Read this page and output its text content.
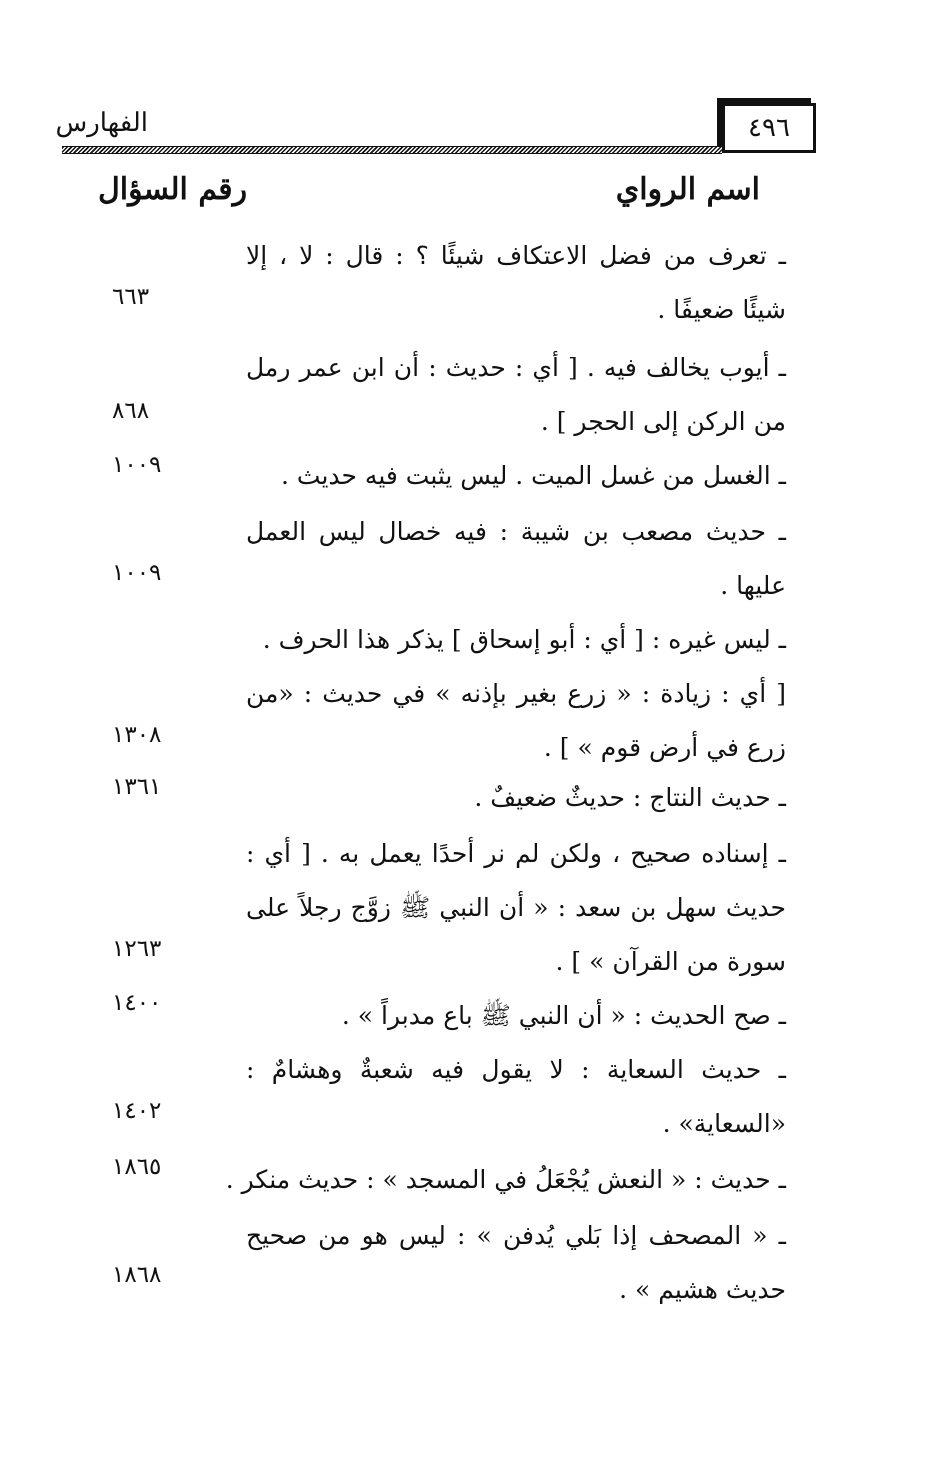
٤٩٦
الفهارس
اسم الرواي
رقم السؤال
ـ تعرف من فضل الاعتكاف شيئًا ؟ : قال : لا ، إلا
شيئًا ضعيفًا .
٦٦٣
ـ أيوب يخالف فيه . [ أي : حديث : أن ابن عمر رمل
من الركن إلى الحجر ] .
٨٦٨
ـ الغسل من غسل الميت . ليس يثبت فيه حديث .
١٠٠٩
ـ حديث مصعب بن شيبة : فيه خصال ليس العمل
عليها .
١٠٠٩
ـ ليس غيره : [ أي : أبو إسحاق ] يذكر هذا الحرف .
[ أي : زيادة : « زرع بغير بإذنه » في حديث : «من
زرع في أرض قوم » ] .
١٣٠٨
ـ حديث النتاج : حديثٌ ضعيفٌ .
١٣٦١
ـ إسناده صحيح ، ولكن لم نر أحدًا يعمل به . [ أي :
حديث سهل بن سعد : « أن النبي ﷺ زوَّج رجلاً على
سورة من القرآن » ] .
١٢٦٣
ـ صح الحديث : « أن النبي ﷺ باع مدبراً » .
١٤٠٠
ـ حديث السعاية : لا يقول فيه شعبةٌ وهشامٌ :
«السعاية» .
١٤٠٢
ـ حديث : « النعش يُجْعَلُ في المسجد » : حديث منكر .
١٨٦٥
ـ « المصحف إذا بَلي يُدفن » : ليس هو من صحيح
حديث هشيم » .
١٨٦٨
